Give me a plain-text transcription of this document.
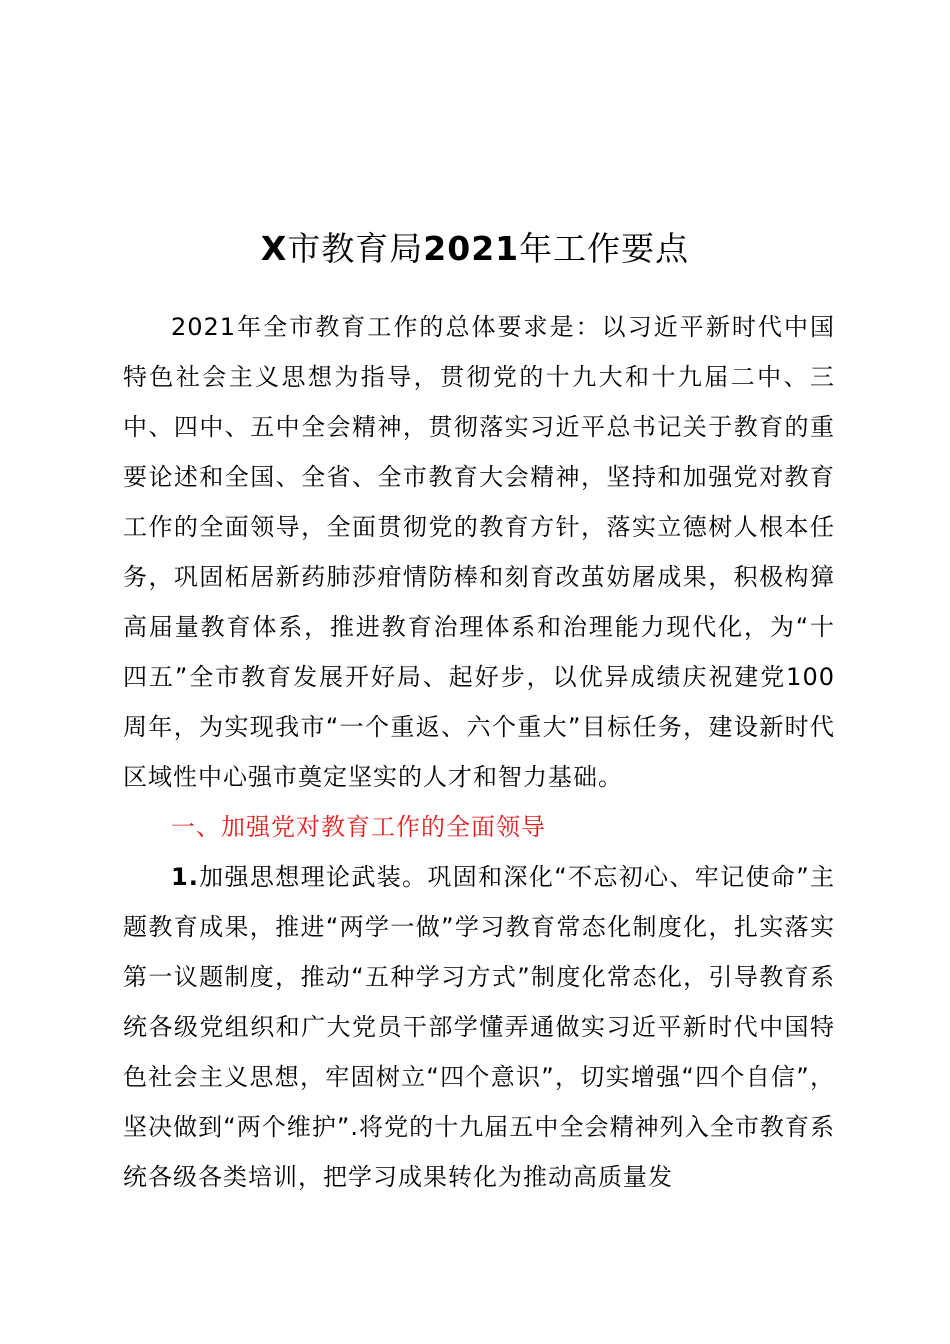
X市教育局2021年工作要点

2021年全市教育工作的总体要求是：以习近平新时代中国特色社会主义思想为指导，贯彻党的十九大和十九届二中、三中、四中、五中全会精神，贯彻落实习近平总书记关于教育的重要论述和全国、全省、全市教育大会精神，坚持和加强党对教育工作的全面领导，全面贯彻党的教育方针，落实立德树人根本任务，巩固柘居新药肺莎疳情防棒和刻育改茧妨屠成果，积极构獐高届量教育体系，推进教育治理体系和治理能力现代化，为“十四五”全市教育发展开好局、起好步，以优异成绩庆祝建党100周年，为实现我市“一个重返、六个重大”目标任务，建设新时代区域性中心强市奠定坚实的人才和智力基础。

一、加强党对教育工作的全面领导

1.加强思想理论武装。巩固和深化“不忘初心、牢记使命”主题教育成果，推进“两学一做”学习教育常态化制度化，扎实落实第一议题制度，推动“五种学习方式”制度化常态化，引导教育系统各级党组织和广大党员干部学懂弄通做实习近平新时代中国特色社会主义思想，牢固树立“四个意识”，切实增强“四个自信”，坚决做到“两个维护”.将党的十九届五中全会精神列入全市教育系统各级各类培训，把学习成果转化为推动高质量发
